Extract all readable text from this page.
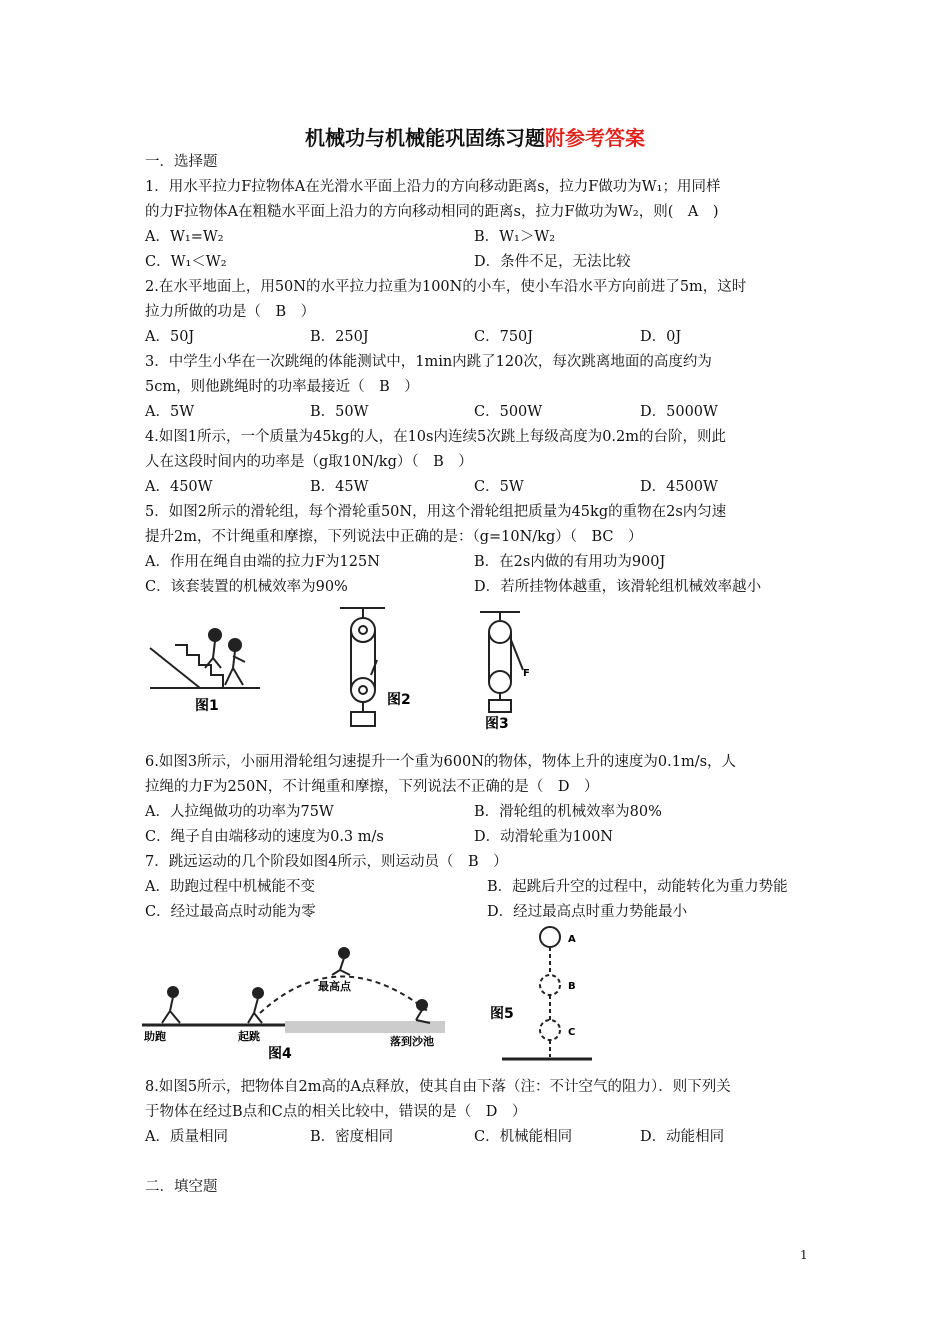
机械功与机械能巩固练习题附参考答案
一．选择题
1．用水平拉力F拉物体A在光滑水平面上沿力的方向移动距离s，拉力F做功为W₁；用同样
的力F拉物体A在粗糙水平面上沿力的方向移动相同的距离s，拉力F做功为W₂，则(　A　)
A．W₁=W₂	B．W₁＞W₂
C．W₁＜W₂	D．条件不足，无法比较
2.在水平地面上，用50N的水平拉力拉重为100N的小车，使小车沿水平方向前进了5m，这时
拉力所做的功是（　B　）
A．50J	B．250J	C．750J	D．0J
3．中学生小华在一次跳绳的体能测试中，1min内跳了120次，每次跳离地面的高度约为
5cm，则他跳绳时的功率最接近（　B　）
A．5W	B．50W	C．500W	D．5000W
4.如图1所示，一个质量为45kg的人，在10s内连续5次跳上每级高度为0.2m的台阶，则此
人在这段时间内的功率是（g取10N/kg）（　B　）
A．450W	B．45W	C．5W	D．4500W
5．如图2所示的滑轮组，每个滑轮重50N，用这个滑轮组把质量为45kg的重物在2s内匀速
提升2m，不计绳重和摩擦，下列说法中正确的是：（g=10N/kg）（　BC　）
A．作用在绳自由端的拉力F为125N	B．在2s内做的有用功为900J
C．该套装置的机械效率为90%	D．若所挂物体越重，该滑轮组机械效率越小
图1	图2
F
图3
6.如图3所示，小丽用滑轮组匀速提升一个重为600N的物体，物体上升的速度为0.1m/s，人
拉绳的力F为250N，不计绳重和摩擦，下列说法不正确的是（　D　）
A．人拉绳做功的功率为75W	B．滑轮组的机械效率为80%
C．绳子自由端移动的速度为0.3 m/s	D．动滑轮重为100N
7．跳远运动的几个阶段如图4所示，则运动员（　B　）
A．助跑过程中机械能不变	B．起跳后升空的过程中，动能转化为重力势能
C．经过最高点时动能为零	D．经过最高点时重力势能最小
助跑	起跳
最高点
落到沙池
图4
A
B
C
图5
8.如图5所示，把物体自2m高的A点释放，使其自由下落（注：不计空气的阻力）．则下列关
于物体在经过B点和C点的相关比较中，错误的是（　D　）
A．质量相同	B．密度相同	C．机械能相同	D．动能相同
二．填空题
1
